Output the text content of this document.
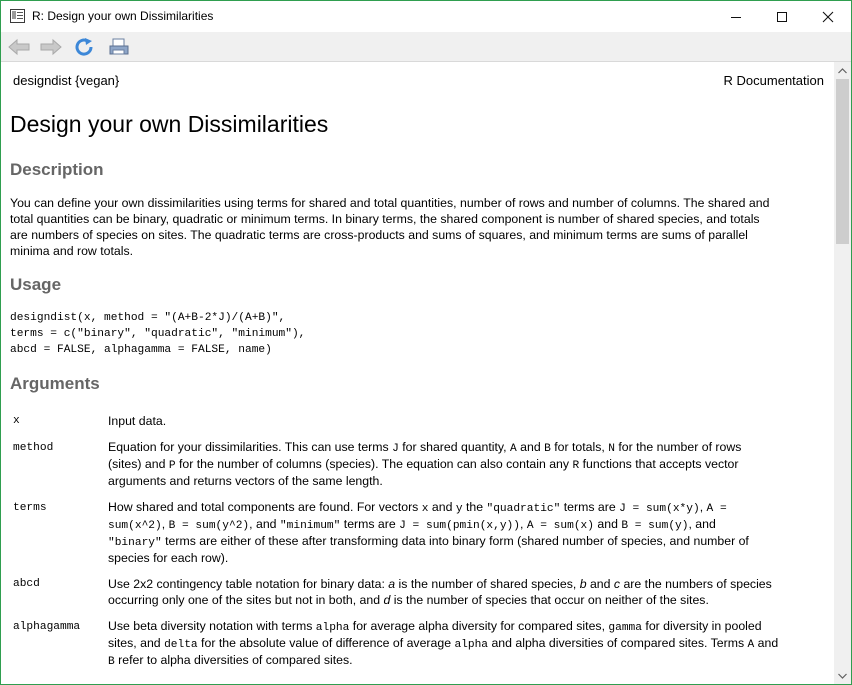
R: Design your own Dissimilarities
designdist {vegan}	R Documentation
Design your own Dissimilarities
Description
You can define your own dissimilarities using terms for shared and total quantities, number of rows and number of columns. The shared and
total quantities can be binary, quadratic or minimum terms. In binary terms, the shared component is number of shared species, and totals
are numbers of species on sites. The quadratic terms are cross-products and sums of squares, and minimum terms are sums of parallel
minima and row totals.
Usage
designdist(x, method = "(A+B-2*J)/(A+B)",
terms = c("binary", "quadratic", "minimum"),
abcd = FALSE, alphagamma = FALSE, name)
Arguments
x	Input data.
method	Equation for your dissimilarities. This can use terms J for shared quantity, A and B for totals, N for the number of rows
(sites) and P for the number of columns (species). The equation can also contain any R functions that accepts vector
arguments and returns vectors of the same length.
terms	How shared and total components are found. For vectors x and y the "quadratic" terms are J = sum(x*y), A =
sum(x^2), B = sum(y^2), and "minimum" terms are J = sum(pmin(x,y)), A = sum(x) and B = sum(y), and
"binary" terms are either of these after transforming data into binary form (shared number of species, and number of
species for each row).
abcd	Use 2x2 contingency table notation for binary data: a is the number of shared species, b and c are the numbers of species
occurring only one of the sites but not in both, and d is the number of species that occur on neither of the sites.
alphagamma Use beta diversity notation with terms alpha for average alpha diversity for compared sites, gamma for diversity in pooled
sites, and delta for the absolute value of difference of average alpha and alpha diversities of compared sites. Terms A and
B refer to alpha diversities of compared sites.
